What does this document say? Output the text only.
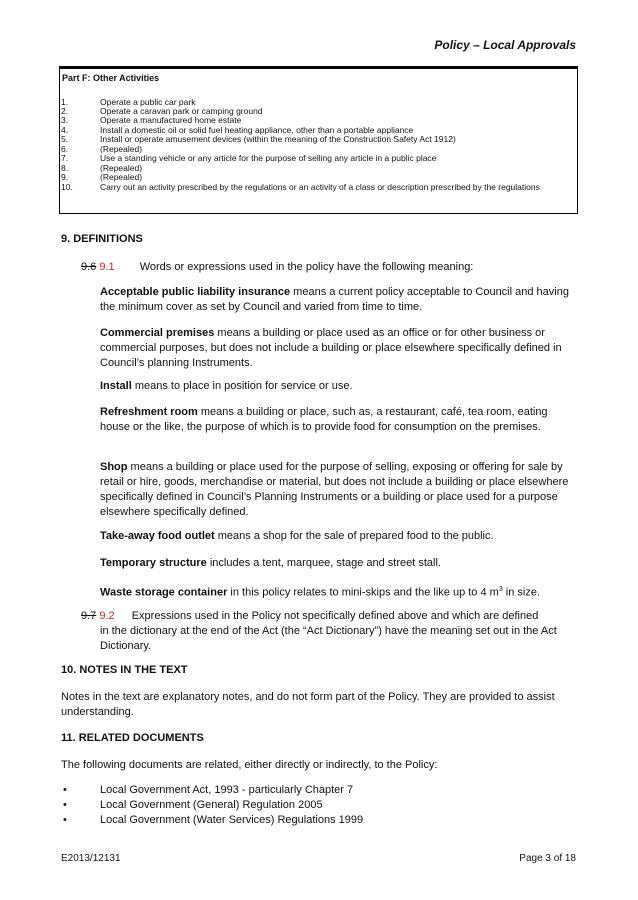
Policy – Local Approvals
Part F: Other Activities
1.	Operate a public car park
2.	Operate a caravan park or camping ground
3.	Operate a manufactured home estate
4.	Install a domestic oil or solid fuel heating appliance, other than a portable appliance
5.	Install or operate amusement devices (within the meaning of the Construction Safety Act 1912)
6.	(Repealed)
7.	Use a standing vehicle or any article for the purpose of selling any article in a public place
8.	(Repealed)
9.	(Repealed)
10.	Carry out an activity prescribed by the regulations or an activity of a class or description prescribed by the regulations
9. DEFINITIONS
9.6 9.1 Words or expressions used in the policy have the following meaning:
Acceptable public liability insurance means a current policy acceptable to Council and having the minimum cover as set by Council and varied from time to time.
Commercial premises means a building or place used as an office or for other business or commercial purposes, but does not include a building or place elsewhere specifically defined in Council’s planning Instruments.
Install means to place in position for service or use.
Refreshment room means a building or place, such as, a restaurant, café, tea room, eating house or the like, the purpose of which is to provide food for consumption on the premises.
Shop means a building or place used for the purpose of selling, exposing or offering for sale by retail or hire, goods, merchandise or material, but does not include a building or place elsewhere specifically defined in Council’s Planning Instruments or a building or place used for a purpose elsewhere specifically defined.
Take-away food outlet means a shop for the sale of prepared food to the public.
Temporary structure includes a tent, marquee, stage and street stall.
Waste storage container in this policy relates to mini-skips and the like up to 4 $m^3$ in size.
9.7 9.2 Expressions used in the Policy not specifically defined above and which are defined
in the dictionary at the end of the Act (the “Act Dictionary”) have the meaning set out in the Act Dictionary.
10. NOTES IN THE TEXT
Notes in the text are explanatory notes, and do not form part of the Policy. They are provided to assist understanding.
11. RELATED DOCUMENTS
The following documents are related, either directly or indirectly, to the Policy:
•	Local Government Act, 1993 - particularly Chapter 7
•	Local Government (General) Regulation 2005
•	Local Government (Water Services) Regulations 1999
E2013/12131	Page 3 of 18
